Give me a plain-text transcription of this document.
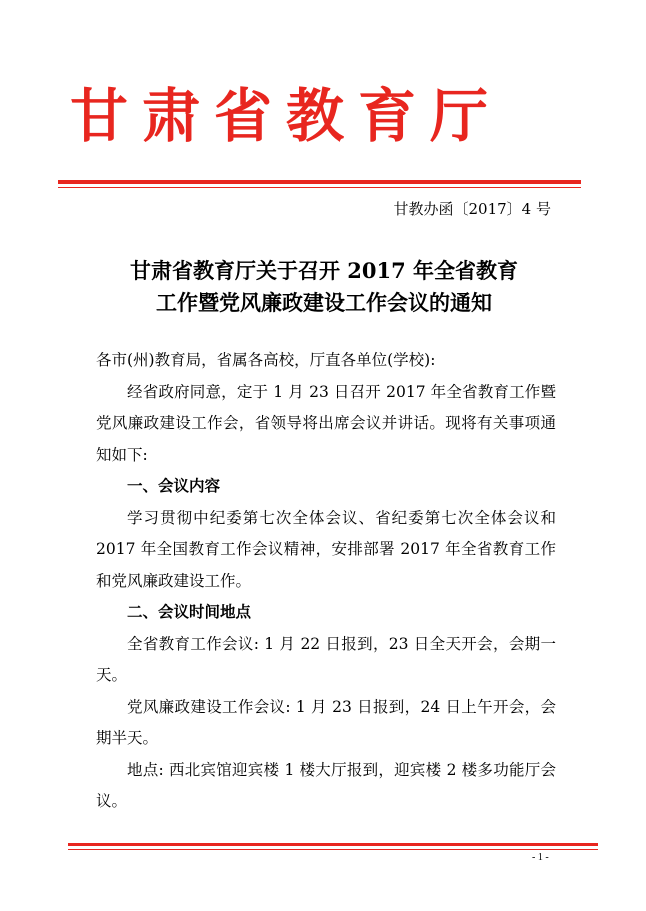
甘肃省教育厅
甘教办函〔2017〕4 号
甘肃省教育厅关于召开 2017 年全省教育
工作暨党风廉政建设工作会议的通知

各市(州)教育局，省属各高校，厅直各单位(学校):

经省政府同意，定于 1 月 23 日召开 2017 年全省教育工作暨党风廉政建设工作会，省领导将出席会议并讲话。现将有关事项通知如下:

一、会议内容

学习贯彻中纪委第七次全体会议、省纪委第七次全体会议和 2017 年全国教育工作会议精神，安排部署 2017 年全省教育工作和党风廉政建设工作。

二、会议时间地点

全省教育工作会议: 1 月 22 日报到，23 日全天开会，会期一天。

党风廉政建设工作会议: 1 月 23 日报到，24 日上午开会，会期半天。

地点: 西北宾馆迎宾楼 1 楼大厅报到，迎宾楼 2 楼多功能厅会议。

- 1 -
